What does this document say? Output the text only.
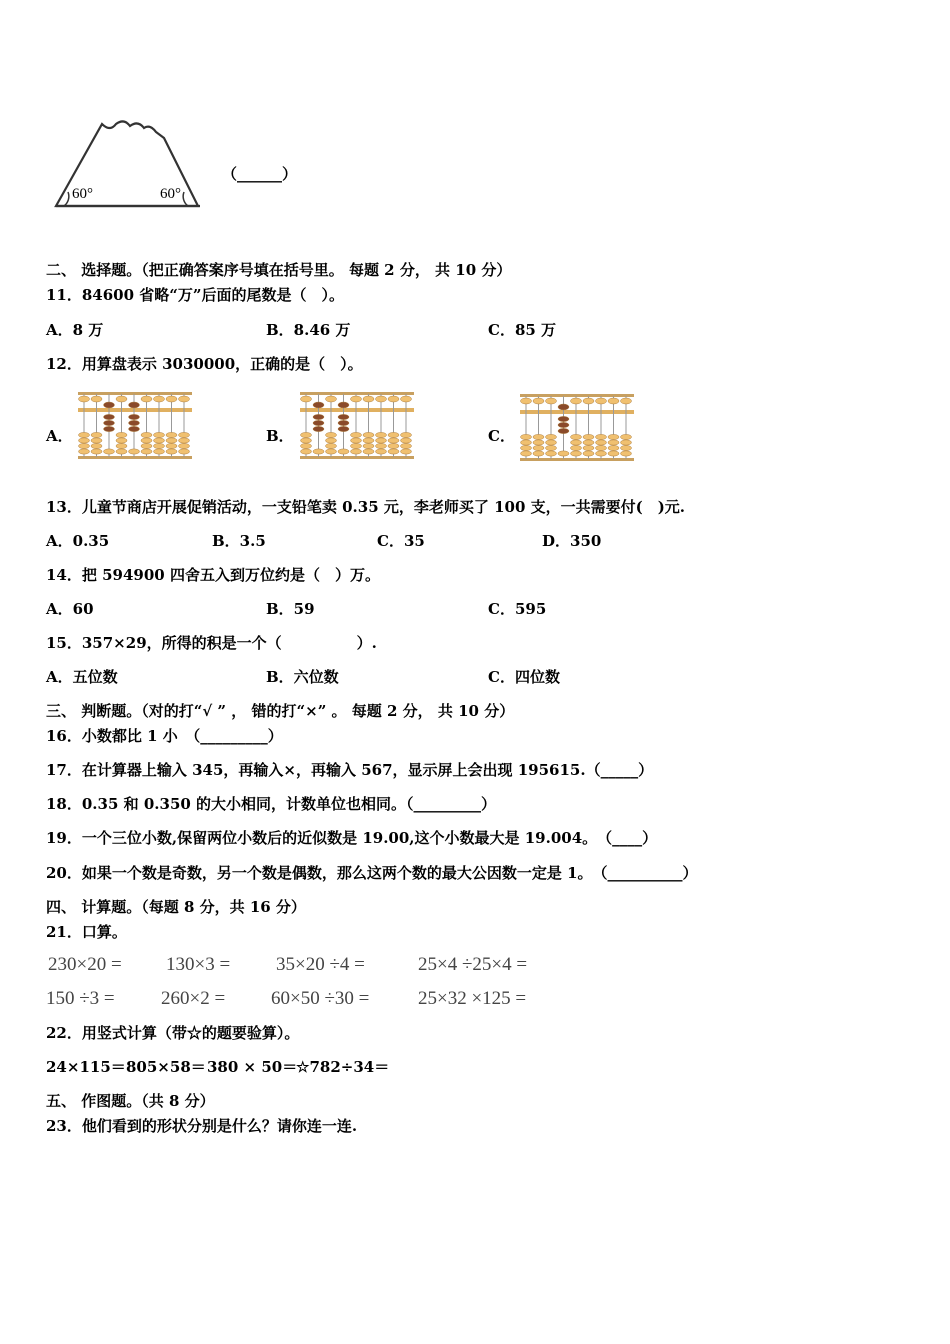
60°	60°
（______）
二、 选择题。（把正确答案序号填在括号里。 每题 2 分， 共 10 分）
11．84600 省略“万”后面的尾数是（　）。
A．8 万	B．8.46 万	C．85 万
12．用算盘表示 3030000，正确的是（　）。
A．	B．	C．
13．儿童节商店开展促销活动，一支铅笔卖 0.35 元，李老师买了 100 支，一共需要付(　)元.
A．0.35	B．3.5	C．35	D．350
14．把 594900 四舍五入到万位约是（　）万。
A．60	B．59	C．595
15．357×29，所得的积是一个（　　　　　）.
A．五位数	B．六位数	C．四位数
三、 判断题。（对的打“√ ” ， 错的打“×” 。 每题 2 分， 共 10 分）
16．小数都比 1 小　（_________）
17．在计算器上输入 345，再输入×，再输入 567，显示屏上会出现 195615.（_____）
18．0.35 和 0.350 的大小相同，计数单位也相同。（_________）
19．一个三位小数,保留两位小数后的近似数是 19.00,这个小数最大是 19.004。　（____）
20．如果一个数是奇数，另一个数是偶数，那么这两个数的最大公因数一定是 1。　（__________）
四、 计算题。（每题 8 分，共 16 分）
21．口算。
230×20 = 130×3 = 35×20 ÷4 =	25×4 ÷25×4 =
150 ÷3 = 260×2 = 60×50 ÷30 =	25×32 ×125 =
22．用竖式计算（带☆的题要验算）。
24×115＝ 805×58＝ 380 × 50＝
☆782÷34＝
五、 作图题。（共 8 分）
23．他们看到的形状分别是什么？请你连一连.
